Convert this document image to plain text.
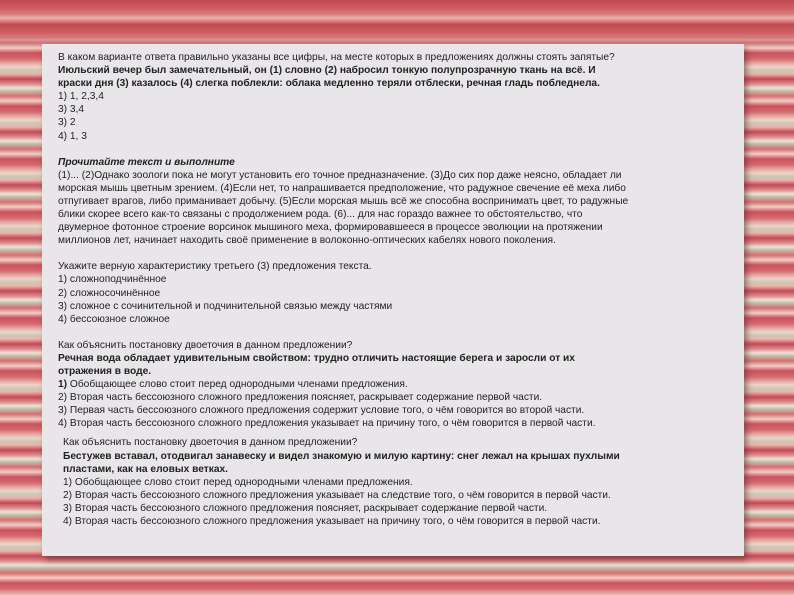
В каком варианте ответа правильно указаны все цифры, на месте которых в предложениях должны стоять запятые?
Июльский вечер был замечательный, он (1) словно (2) набросил тонкую полупрозрачную ткань на всё. И
краски дня (3) казалось (4) слегка поблекли: облака медленно теряли отблески, речная гладь побледнела.
1) 1, 2,3,4
3) 3,4
3) 2
4) 1, 3
Прочитайте текст и выполните
(1)... (2)Однако зоологи пока не могут установить его точное предназначение. (3)До сих пор даже неясно, обладает ли
морская мышь цветным зрением. (4)Если нет, то напрашивается предположение, что радужное свечение её меха либо
отпугивает врагов, либо приманивает добычу. (5)Если морская мышь всё же способна воспринимать цвет, то радужные
блики скорее всего как-то связаны с продолжением рода. (6)... для нас гораздо важнее то обстоятельство, что
двумерное фотонное строение ворсинок мышиного меха, формировавшееся в процессе эволюции на протяжении
миллионов лет, начинает находить своё применение в волоконно-оптических кабелях нового поколения.
Укажите верную характеристику третьего (3) предложения текста.
1) сложноподчинённое
2) сложносочинённое
3) сложное с сочинительной и подчинительной связью между частями
4) бессоюзное сложное
Как объяснить постановку двоеточия в данном предложении?
Речная вода обладает удивительным свойством: трудно отличить настоящие берега и заросли от их
отражения в воде.
1) Обобщающее слово стоит перед однородными членами предложения.
2) Вторая часть бессоюзного сложного предложения поясняет, раскрывает содержание первой части.
3) Первая часть бессоюзного сложного предложения содержит условие того, о чём говорится во второй части.
4) Вторая часть бессоюзного сложного предложения указывает на причину того, о чём говорится в первой части.
Как объяснить постановку двоеточия в данном предложении?
Бестужев вставал, отодвигал занавеску и видел знакомую и милую картину: снег лежал на крышах пухлыми
пластами, как на еловых ветках.
1) Обобщающее слово стоит перед однородными членами предложения.
2) Вторая часть бессоюзного сложного предложения указывает на следствие того, о чём говорится в первой части.
3) Вторая часть бессоюзного сложного предложения поясняет, раскрывает содержание первой части.
4) Вторая часть бессоюзного сложного предложения указывает на причину того, о чём говорится в первой части.
